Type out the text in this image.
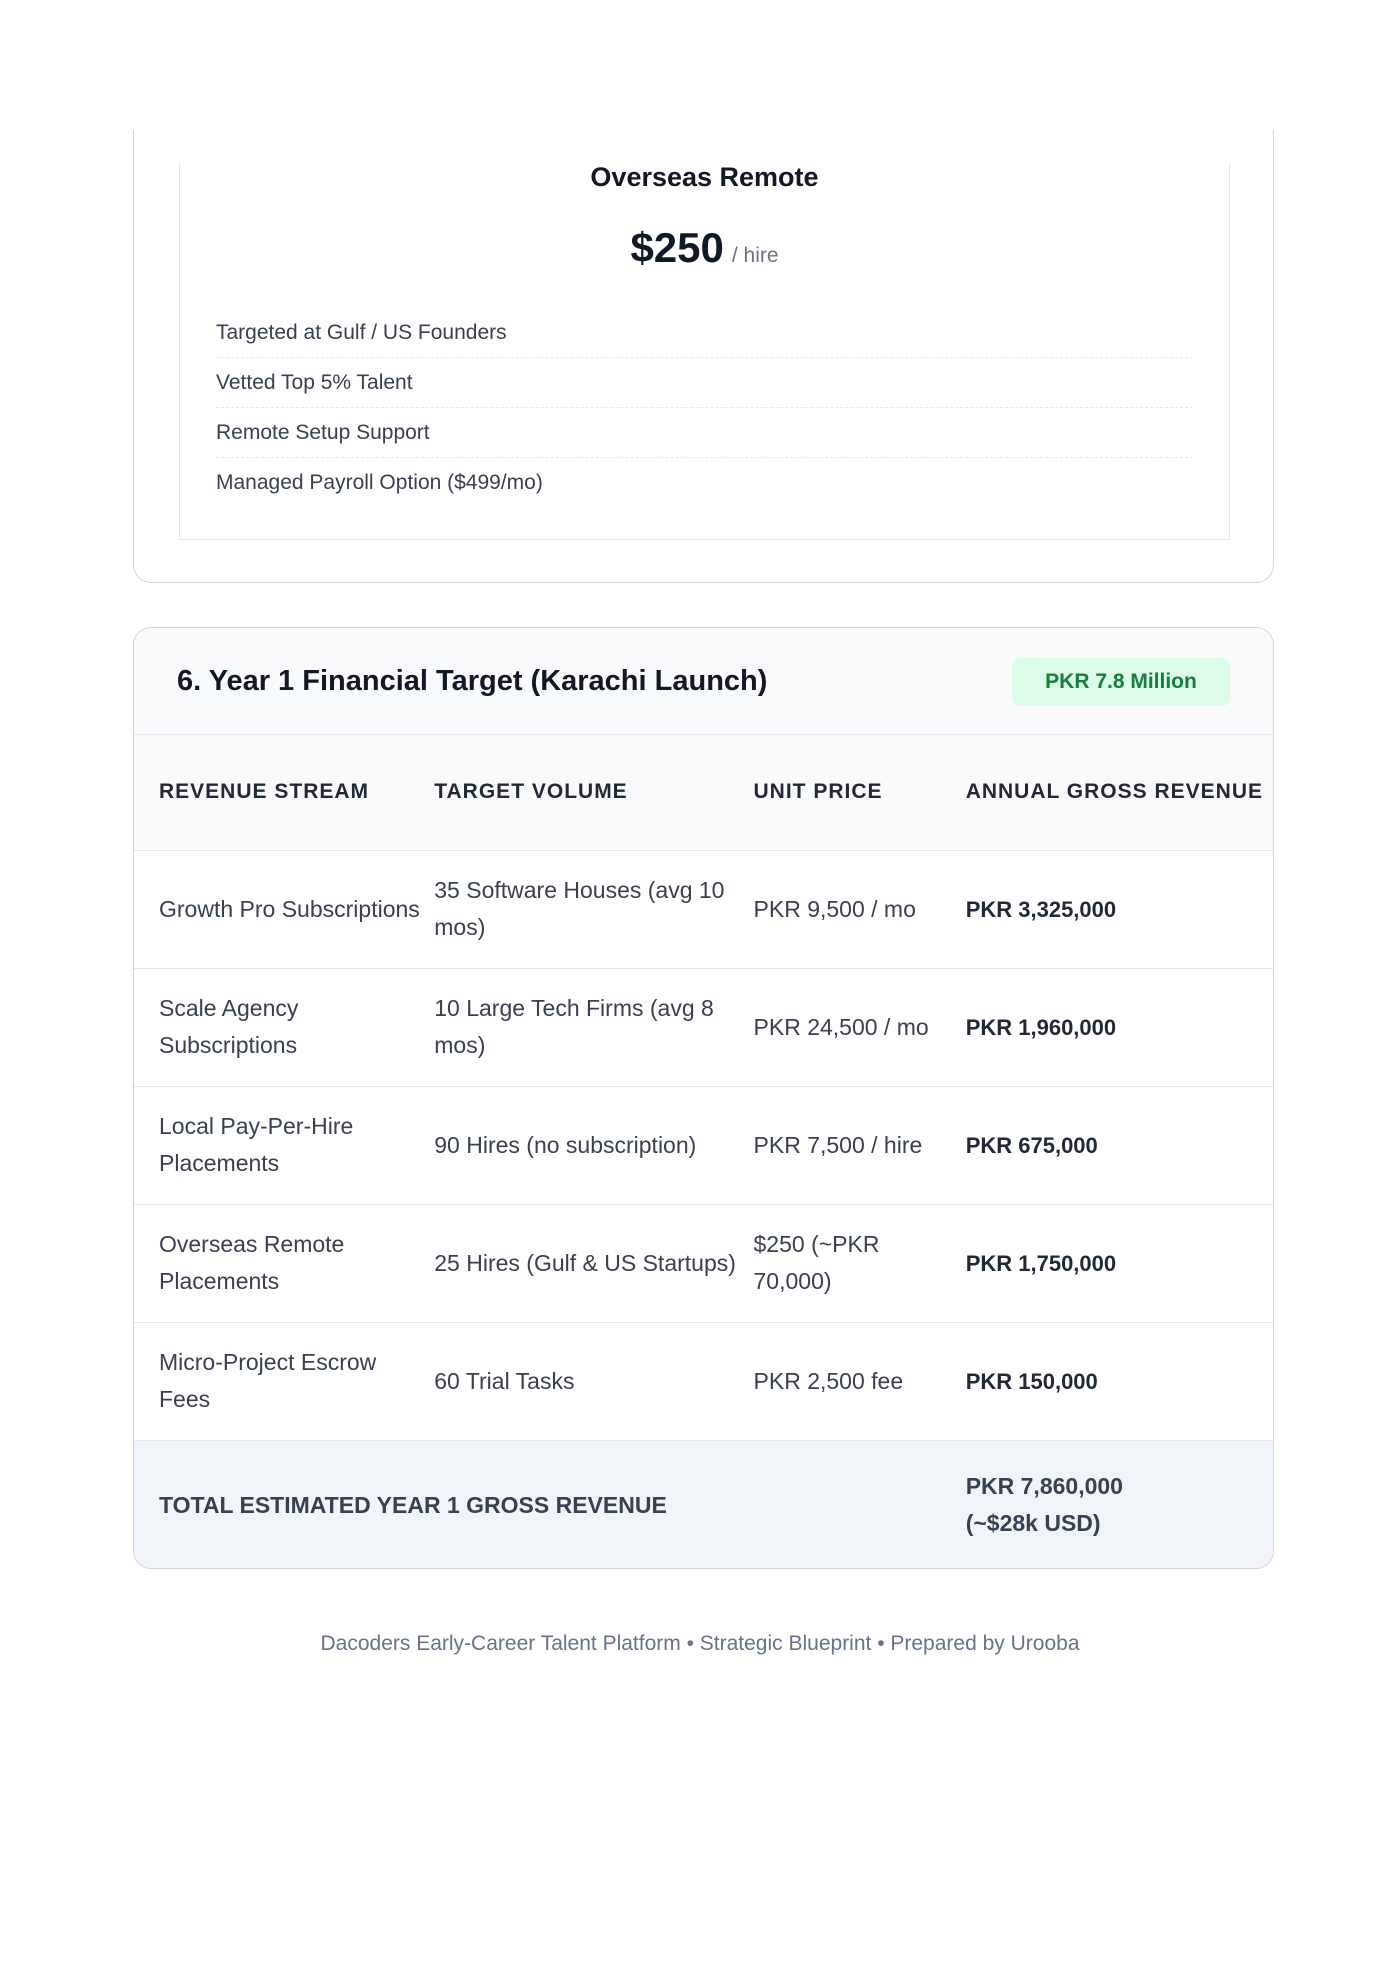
Overseas Remote
$250 / hire
Targeted at Gulf / US Founders
Vetted Top 5% Talent
Remote Setup Support
Managed Payroll Option ($499/mo)
6. Year 1 Financial Target (Karachi Launch)	PKR 7.8 Million
REVENUE STREAM	TARGET VOLUME	UNIT PRICE	ANNUAL GROSS REVENUE
Growth Pro Subscriptions	35 Software Houses (avg 10 mos)	PKR 9,500 / mo	PKR 3,325,000
Scale Agency Subscriptions	10 Large Tech Firms (avg 8 mos)	PKR 24,500 / mo	PKR 1,960,000
Local Pay-Per-Hire Placements	90 Hires (no subscription)	PKR 7,500 / hire	PKR 675,000
Overseas Remote Placements	25 Hires (Gulf & US Startups)	$250 (~PKR 70,000)	PKR 1,750,000
Micro-Project Escrow Fees	60 Trial Tasks	PKR 2,500 fee	PKR 150,000
TOTAL ESTIMATED YEAR 1 GROSS REVENUE			PKR 7,860,000
(~$28k USD)
Dacoders Early-Career Talent Platform • Strategic Blueprint • Prepared by Urooba
